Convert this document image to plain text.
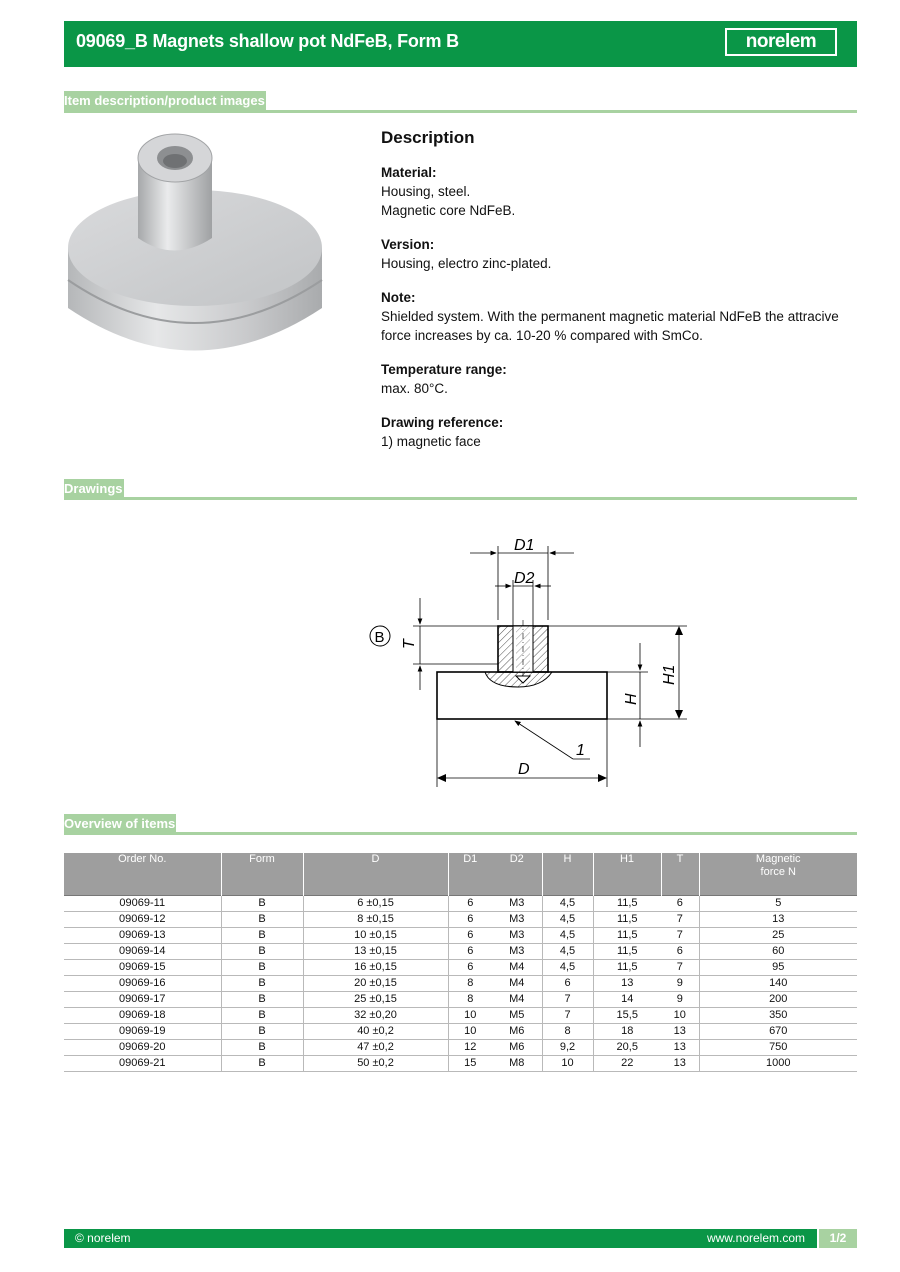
09069_B Magnets shallow pot NdFeB, Form B	norelem
Item description/product images
Description
Material:
Housing, steel.
Magnetic core NdFeB.
Version:
Housing, electro zinc-plated.
Note:
Shielded system. With the permanent magnetic material NdFeB the attracive force increases by ca. 10-20 % compared with SmCo.
Temperature range:
max. 80°C.
Drawing reference:
1) magnetic face
Drawings
D1
D2
B T
H1
H
1
D
Overview of items
Order No.	Form	D	D1	D2	H	H1	T	Magnetic force N
09069-11	B	6 ±0,15	6	M3	4,5	11,5	6	5
09069-12	B	8 ±0,15	6	M3	4,5	11,5	7	13
09069-13	B	10 ±0,15	6	M3	4,5	11,5	7	25
09069-14	B	13 ±0,15	6	M3	4,5	11,5	6	60
09069-15	B	16 ±0,15	6	M4	4,5	11,5	7	95
09069-16	B	20 ±0,15	8	M4	6	13	9	140
09069-17	B	25 ±0,15	8	M4	7	14	9	200
09069-18	B	32 ±0,20	10	M5	7	15,5	10	350
09069-19	B	40 ±0,2	10	M6	8	18	13	670
09069-20	B	47 ±0,2	12	M6	9,2	20,5	13	750
09069-21	B	50 ±0,2	15	M8	10	22	13	1000
© norelem	www.norelem.com	1/2
